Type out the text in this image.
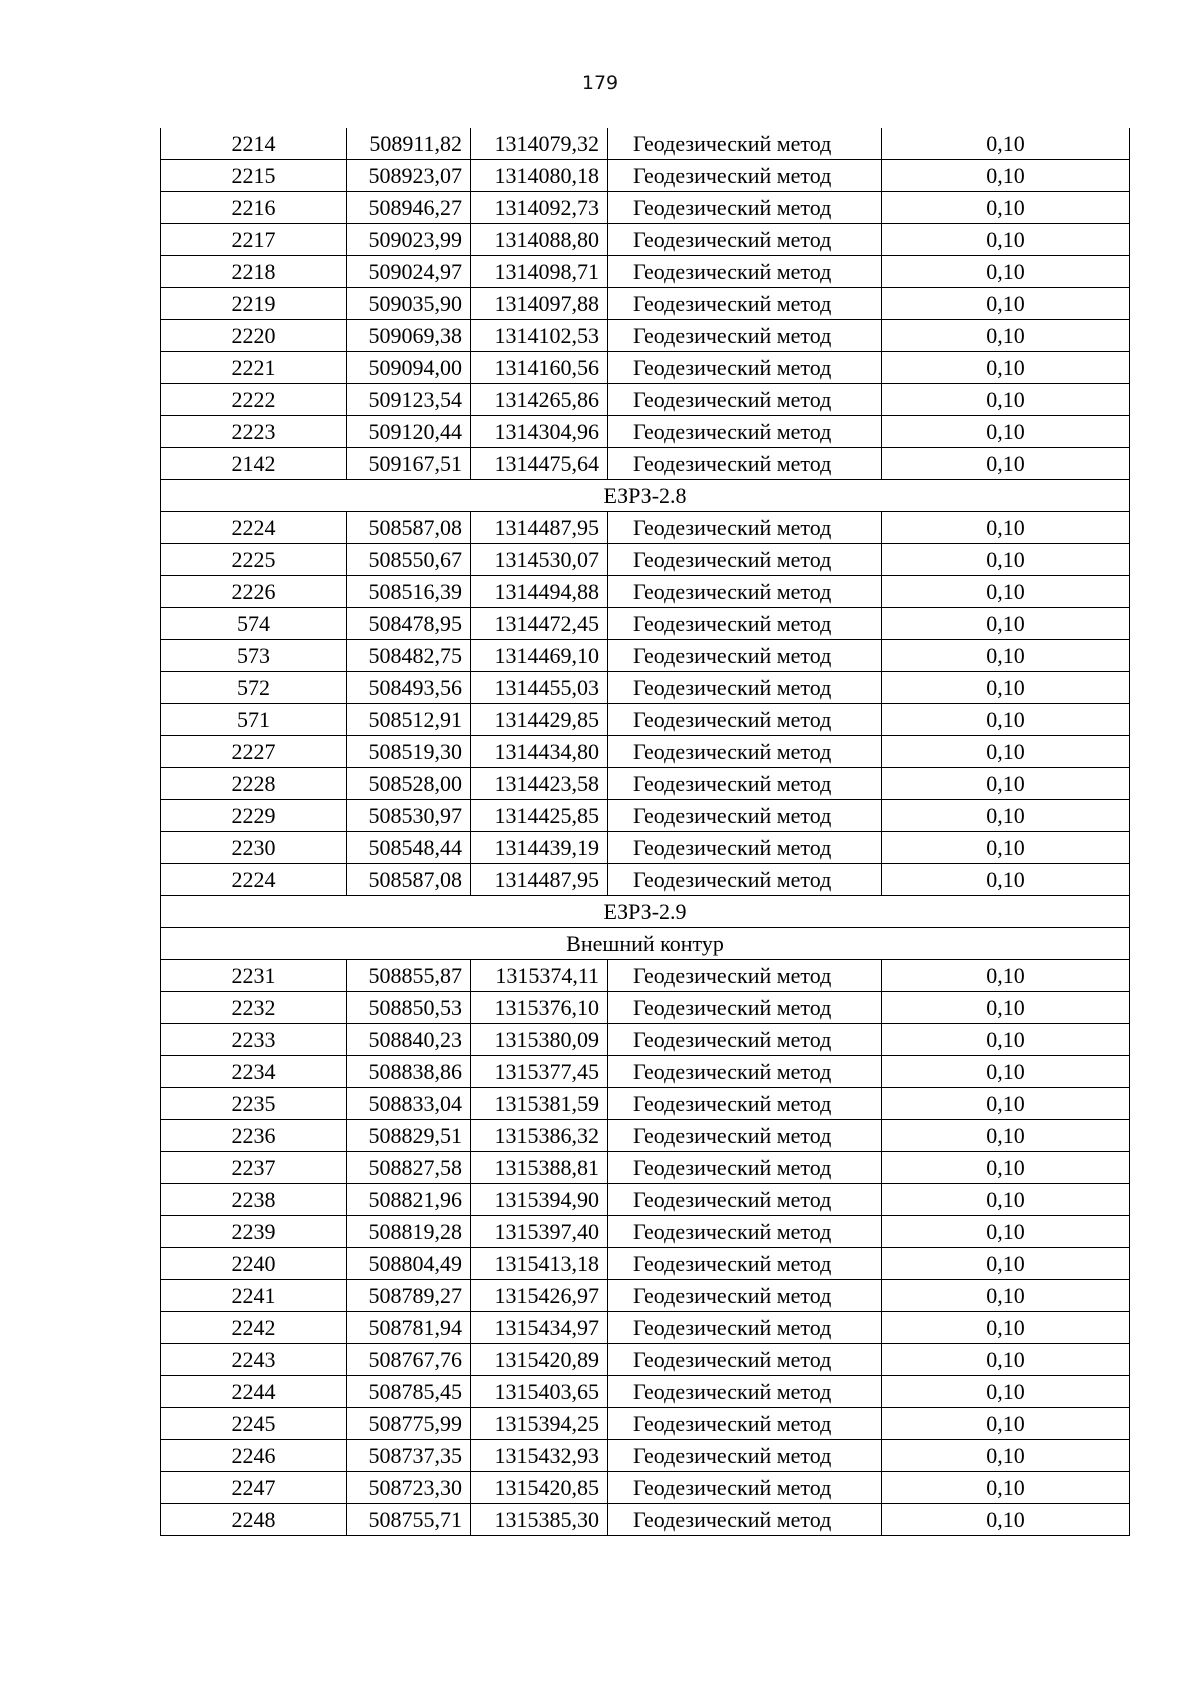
179
2214	508911,82	1314079,32	Геодезический метод	0,10
2215	508923,07	1314080,18	Геодезический метод	0,10
2216	508946,27	1314092,73	Геодезический метод	0,10
2217	509023,99	1314088,80	Геодезический метод	0,10
2218	509024,97	1314098,71	Геодезический метод	0,10
2219	509035,90	1314097,88	Геодезический метод	0,10
2220	509069,38	1314102,53	Геодезический метод	0,10
2221	509094,00	1314160,56	Геодезический метод	0,10
2222	509123,54	1314265,86	Геодезический метод	0,10
2223	509120,44	1314304,96	Геодезический метод	0,10
2142	509167,51	1314475,64	Геодезический метод	0,10
ЕЗРЗ-2.8				
2224	508587,08	1314487,95	Геодезический метод	0,10
2225	508550,67	1314530,07	Геодезический метод	0,10
2226	508516,39	1314494,88	Геодезический метод	0,10
574	508478,95	1314472,45	Геодезический метод	0,10
573	508482,75	1314469,10	Геодезический метод	0,10
572	508493,56	1314455,03	Геодезический метод	0,10
571	508512,91	1314429,85	Геодезический метод	0,10
2227	508519,30	1314434,80	Геодезический метод	0,10
2228	508528,00	1314423,58	Геодезический метод	0,10
2229	508530,97	1314425,85	Геодезический метод	0,10
2230	508548,44	1314439,19	Геодезический метод	0,10
2224	508587,08	1314487,95	Геодезический метод	0,10
ЕЗРЗ-2.9				
Внешний контур				
2231	508855,87	1315374,11	Геодезический метод	0,10
2232	508850,53	1315376,10	Геодезический метод	0,10
2233	508840,23	1315380,09	Геодезический метод	0,10
2234	508838,86	1315377,45	Геодезический метод	0,10
2235	508833,04	1315381,59	Геодезический метод	0,10
2236	508829,51	1315386,32	Геодезический метод	0,10
2237	508827,58	1315388,81	Геодезический метод	0,10
2238	508821,96	1315394,90	Геодезический метод	0,10
2239	508819,28	1315397,40	Геодезический метод	0,10
2240	508804,49	1315413,18	Геодезический метод	0,10
2241	508789,27	1315426,97	Геодезический метод	0,10
2242	508781,94	1315434,97	Геодезический метод	0,10
2243	508767,76	1315420,89	Геодезический метод	0,10
2244	508785,45	1315403,65	Геодезический метод	0,10
2245	508775,99	1315394,25	Геодезический метод	0,10
2246	508737,35	1315432,93	Геодезический метод	0,10
2247	508723,30	1315420,85	Геодезический метод	0,10
2248	508755,71	1315385,30	Геодезический метод	0,10
